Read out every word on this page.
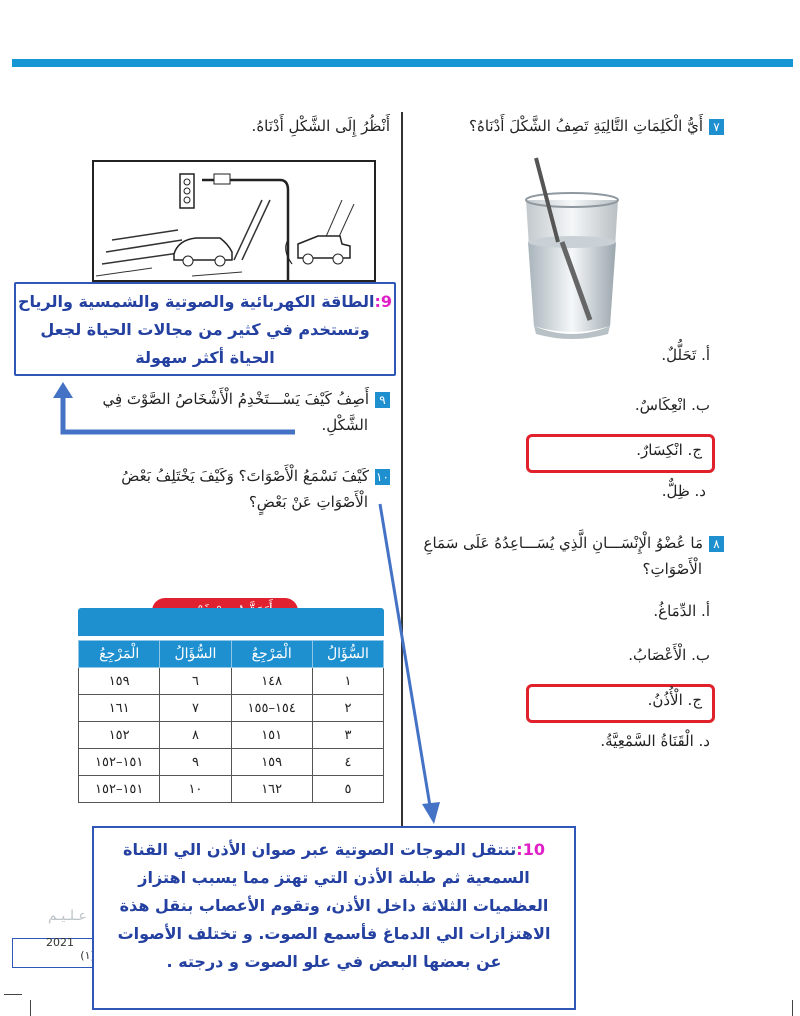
٧أَيُّ الْكَلِمَاتِ التَّالِيَةِ تَصِفُ الشَّكْلَ أَدْنَاهُ؟
أ. تَحَلُّلٌ.
ب. انْعِكَاسٌ.
ج. انْكِسَارٌ.
د. ظِلٌّ.
٨مَا عُضْوُ الْإِنْسَـــانِ الَّذِي يُسَـــاعِدُهُ عَلَى سَمَاعِ
الْأَصْوَاتِ؟
أ. الدِّمَاغُ.
ب. الْأَعْصَابُ.
ج. الْأُذُنُ.
د. الْقَنَاةُ السَّمْعِيَّةُ.
أَنْظُرُ إِلَى الشَّكْلِ أَدْنَاهُ.
9:الطاقة الكهربائية والصوتية والشمسية والرياح وتستخدم في كثير من مجالات الحياة لجعل الحياة أكثر سهولة
٩أَصِفُ كَيْفَ يَسْـــتَخْدِمُ الْأَشْخَاصُ الصَّوْتَ فِي
الشَّكْلِ.
١٠كَيْفَ نَسْمَعُ الْأَصْوَاتَ؟ وَكَيْفَ يَخْتَلِفُ بَعْضُ
الْأَصْوَاتِ عَنْ بَعْضٍ؟
السُّؤَالُ	الْمَرْجِعُ	السُّؤَالُ	الْمَرْجِعُ
١	١٤٨	٦	١٥٩
٢	١٥٤–١٥٥	٧	١٦١
٣	١٥١	٨	١٥٢
٤	١٥٩	٩	١٥١–١٥٢
٥	١٦٢	١٠	١٥١–١٥٢
عـلـيـم
2021
١)
10:تنتقل الموجات الصوتية عبر صوان الأذن الي القناة السمعية ثم طبلة الأذن التي تهتز مما يسبب اهتزاز العظميات الثلاثة داخل الأذن، وتقوم الأعصاب بنقل هذة الاهتزازات الي الدماغ فأسمع الصوت. و تختلف الأصوات عن بعضها البعض في علو الصوت و درجته .
